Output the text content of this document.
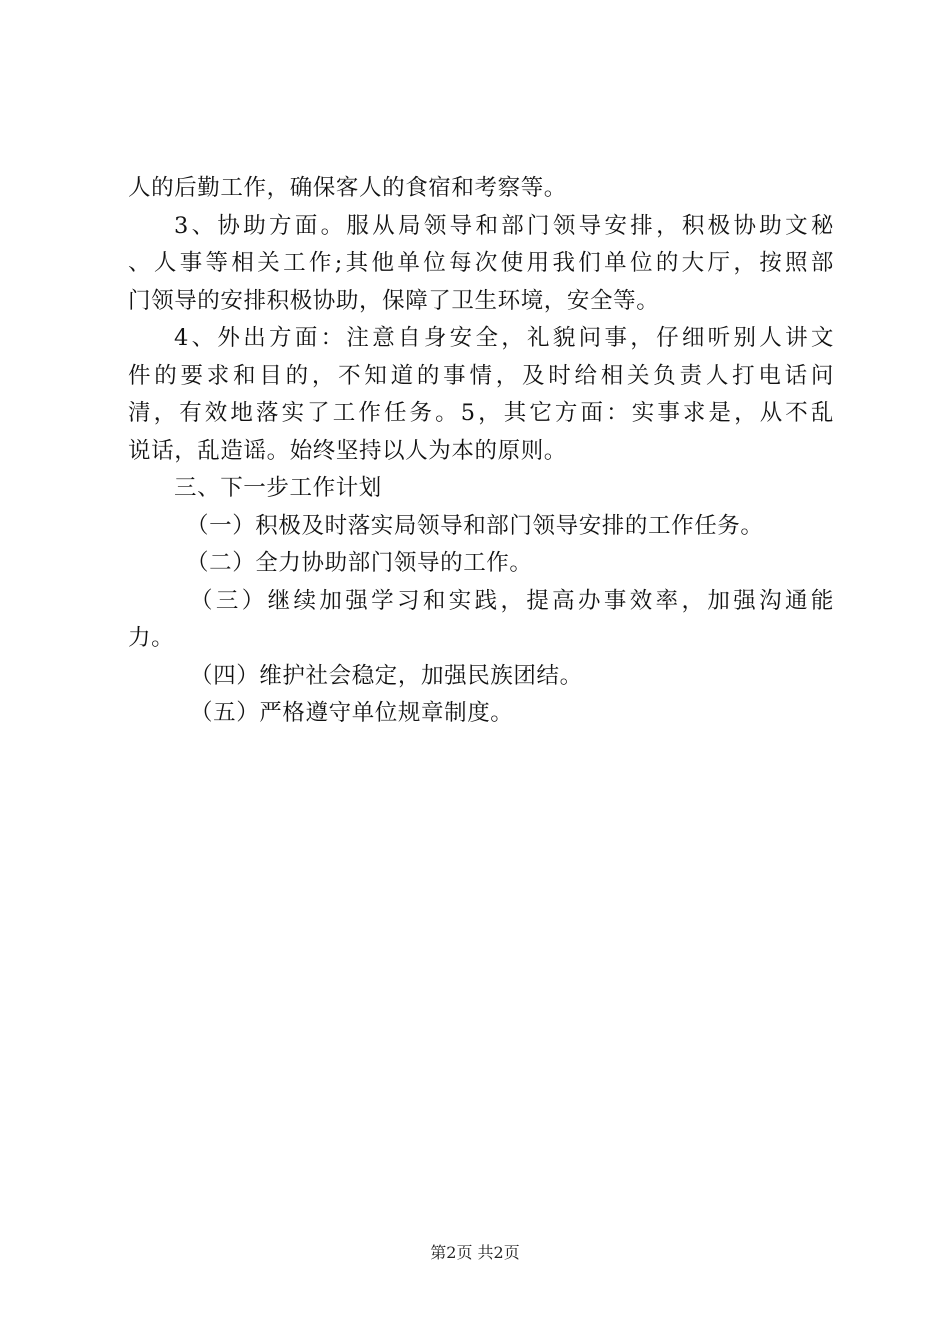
人的后勤工作，确保客人的食宿和考察等。
3、协助方面。服从局领导和部门领导安排，积极协助文秘
、人事等相关工作;其他单位每次使用我们单位的大厅，按照部
门领导的安排积极协助，保障了卫生环境，安全等。
4、外出方面：注意自身安全，礼貌问事，仔细听别人讲文
件的要求和目的，不知道的事情，及时给相关负责人打电话问
清，有效地落实了工作任务。5，其它方面：实事求是，从不乱
说话，乱造谣。始终坚持以人为本的原则。
三、下一步工作计划
（一）积极及时落实局领导和部门领导安排的工作任务。
（二）全力协助部门领导的工作。
（三）继续加强学习和实践，提高办事效率，加强沟通能
力。
（四）维护社会稳定，加强民族团结。
（五）严格遵守单位规章制度。
第2页 共2页
